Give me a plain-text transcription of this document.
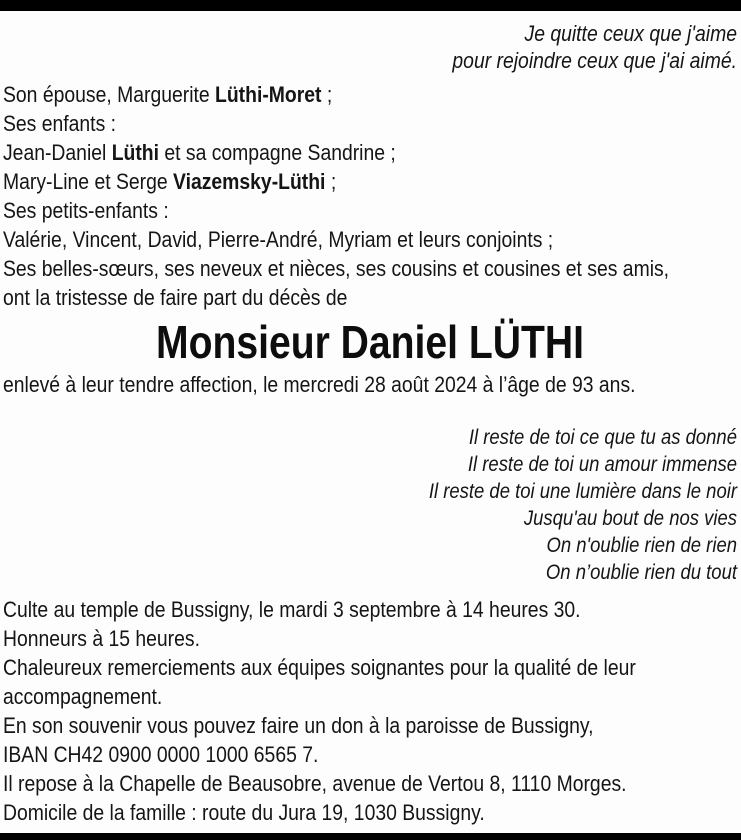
Je quitte ceux que j'aime
pour rejoindre ceux que j'ai aimé.
Son épouse, Marguerite Lüthi-Moret ;
Ses enfants :
Jean-Daniel Lüthi et sa compagne Sandrine ;
Mary-Line et Serge Viazemsky-Lüthi ;
Ses petits-enfants :
Valérie, Vincent, David, Pierre-André, Myriam et leurs conjoints ;
Ses belles-sœurs, ses neveux et nièces, ses cousins et cousines et ses amis,
ont la tristesse de faire part du décès de
Monsieur Daniel LÜTHI
enlevé à leur tendre affection, le mercredi 28 août 2024 à l’âge de 93 ans.
Il reste de toi ce que tu as donné
Il reste de toi un amour immense
Il reste de toi une lumière dans le noir
Jusqu'au bout de nos vies
On n'oublie rien de rien
On n’oublie rien du tout
Culte au temple de Bussigny, le mardi 3 septembre à 14 heures 30.
Honneurs à 15 heures.
Chaleureux remerciements aux équipes soignantes pour la qualité de leur
accompagnement.
En son souvenir vous pouvez faire un don à la paroisse de Bussigny,
IBAN CH42 0900 0000 1000 6565 7.
Il repose à la Chapelle de Beausobre, avenue de Vertou 8, 1110 Morges.
Domicile de la famille : route du Jura 19, 1030 Bussigny.
